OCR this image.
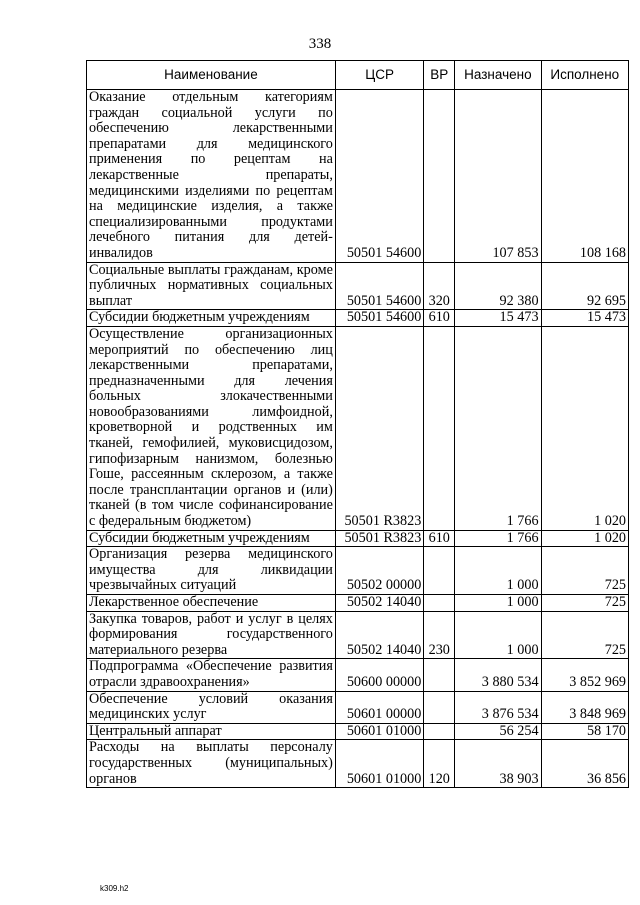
338
Наименование	ЦСР	ВР	Назначено	Исполнено
Оказание отдельным категориям граждан социальной услуги по обеспечению лекарственными препаратами для медицинского применения по рецептам на лекарственные препараты, медицинскими изделиями по рецептам на медицинские изделия, а также специализированными продуктами лечебного питания для детей-инвалидов	50501 54600		107 853	108 168
Социальные выплаты гражданам, кроме публичных нормативных социальных выплат	50501 54600	320	92 380	92 695
Субсидии бюджетным учреждениям	50501 54600	610	15 473	15 473
Осуществление организационных мероприятий по обеспечению лиц лекарственными препаратами, предназначенными для лечения больных злокачественными новообразованиями лимфоидной, кроветворной и родственных им тканей, гемофилией, муковисцидозом, гипофизарным нанизмом, болезнью Гоше, рассеянным склерозом, а также после трансплантации органов и (или) тканей (в том числе софинансирование с федеральным бюджетом)	50501 R3823		1 766	1 020
Субсидии бюджетным учреждениям	50501 R3823	610	1 766	1 020
Организация резерва медицинского имущества для ликвидации чрезвычайных ситуаций	50502 00000		1 000	725
Лекарственное обеспечение	50502 14040		1 000	725
Закупка товаров, работ и услуг в целях формирования государственного материального резерва	50502 14040	230	1 000	725
Подпрограмма «Обеспечение развития отрасли здравоохранения»	50600 00000		3 880 534	3 852 969
Обеспечение условий оказания медицинских услуг	50601 00000		3 876 534	3 848 969
Центральный аппарат	50601 01000		56 254	58 170
Расходы на выплаты персоналу государственных (муниципальных) органов	50601 01000	120	38 903	36 856
k309.h2
